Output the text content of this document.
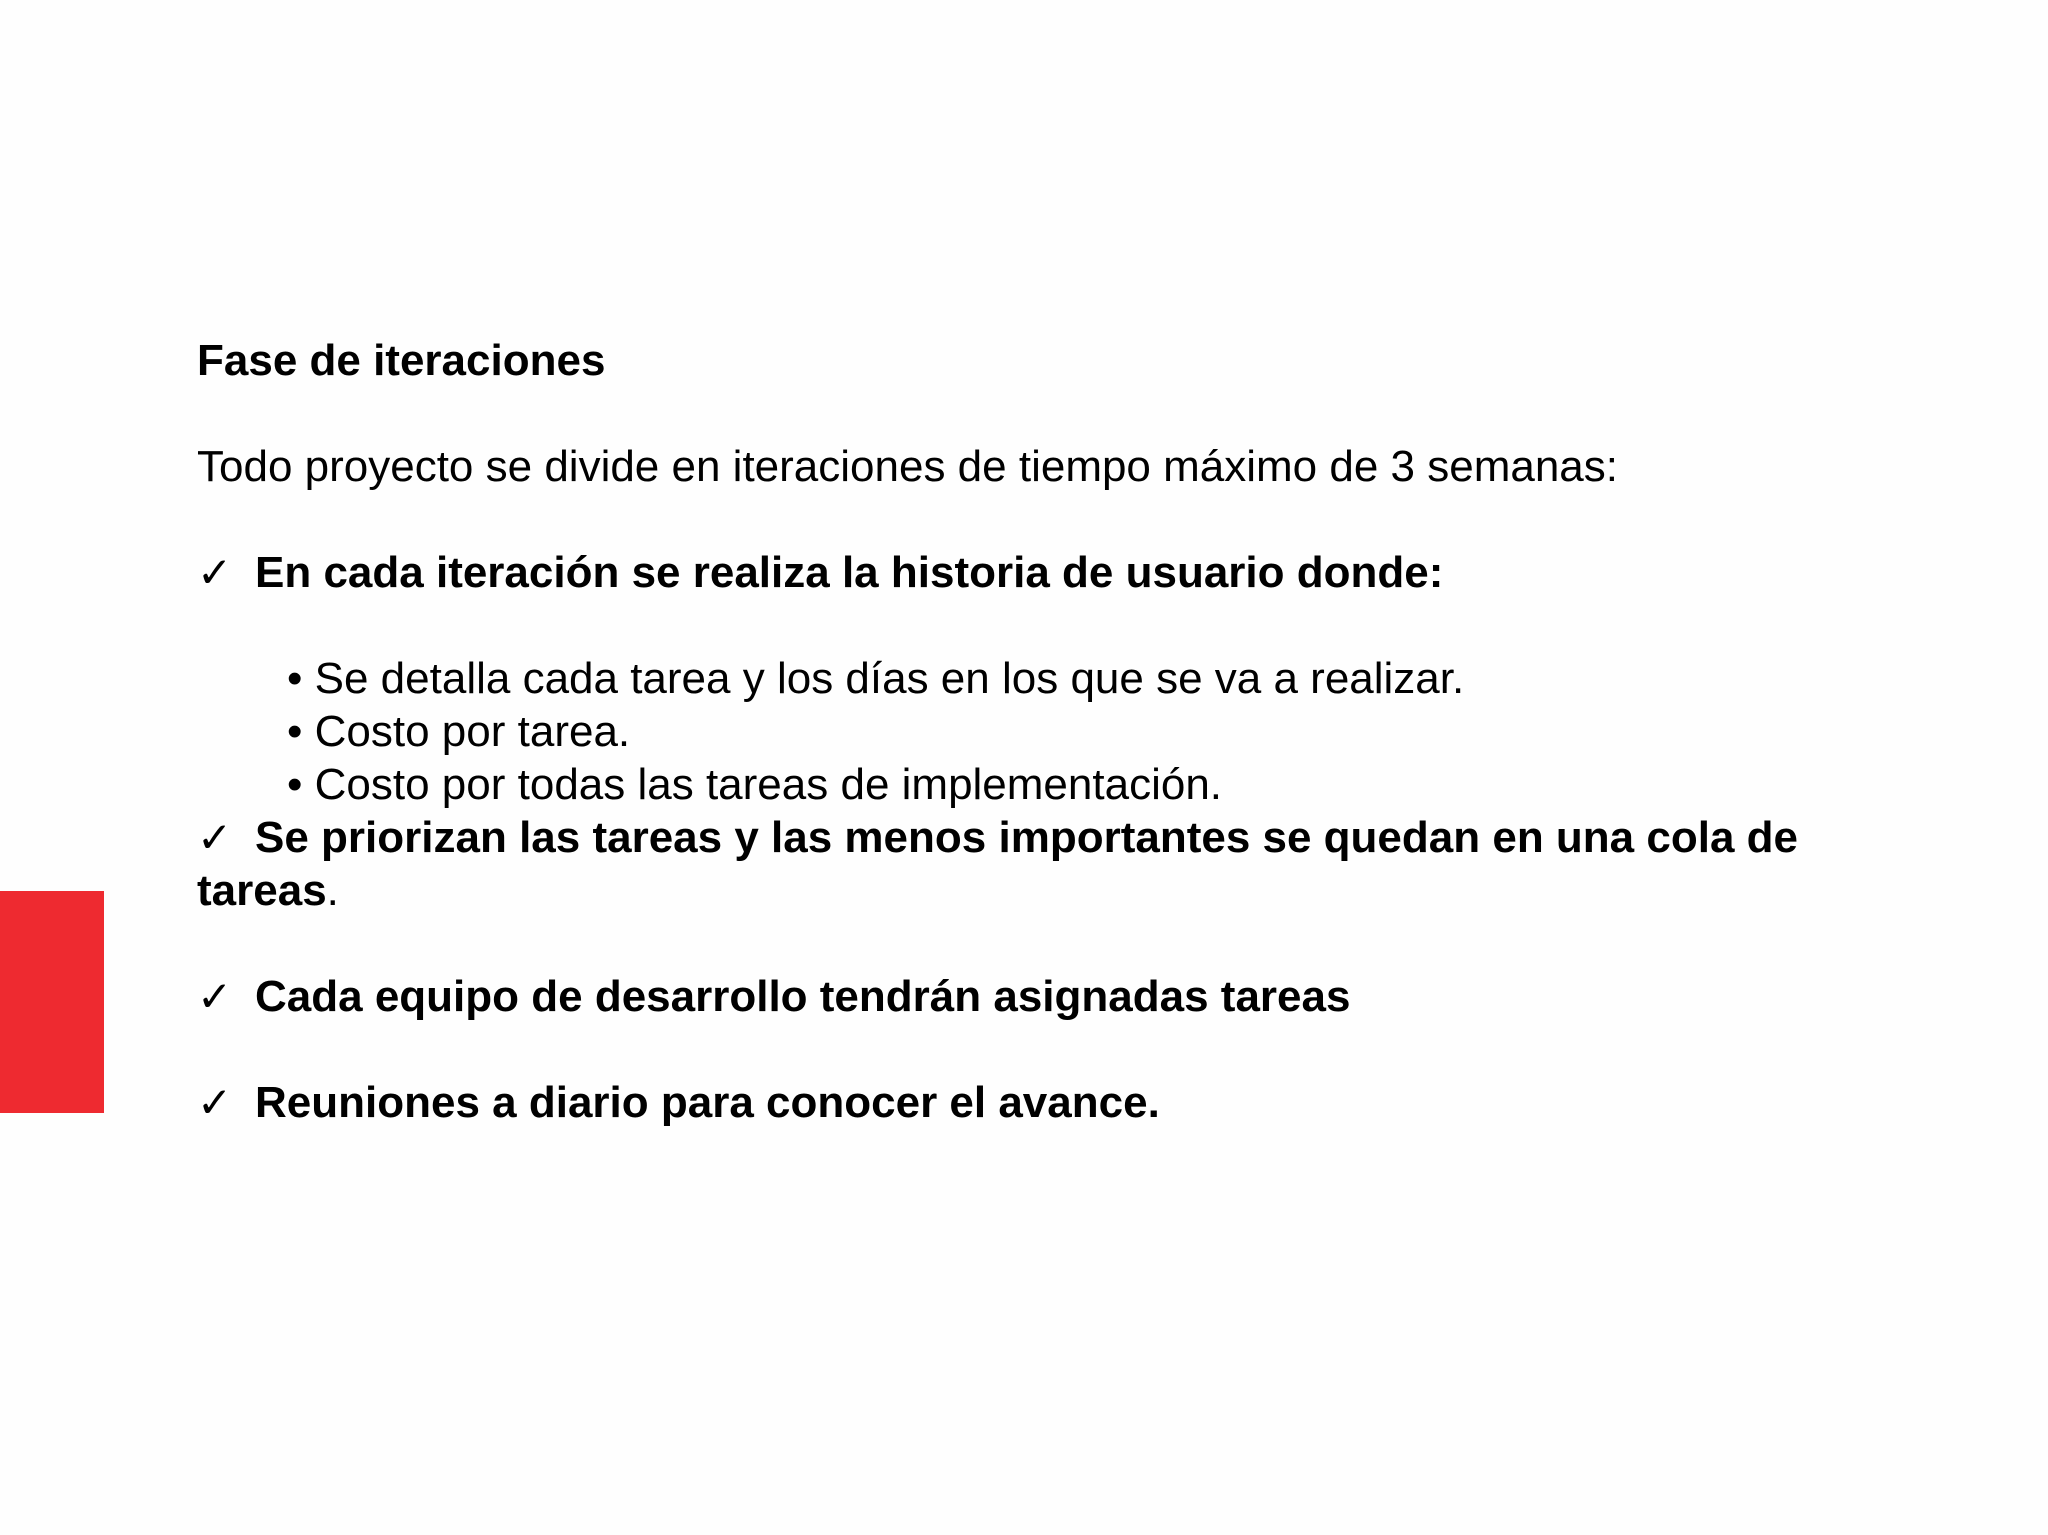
Fase de iteraciones

Todo proyecto se divide en iteraciones de tiempo máximo de 3 semanas:

✓ En cada iteración se realiza la historia de usuario donde:

• Se detalla cada tarea y los días en los que se va a realizar.

• Costo por tarea.

• Costo por todas las tareas de implementación.

✓ Se priorizan las tareas y las menos importantes se quedan en una cola de tareas.

✓ Cada equipo de desarrollo tendrán asignadas tareas

✓ Reuniones a diario para conocer el avance.
